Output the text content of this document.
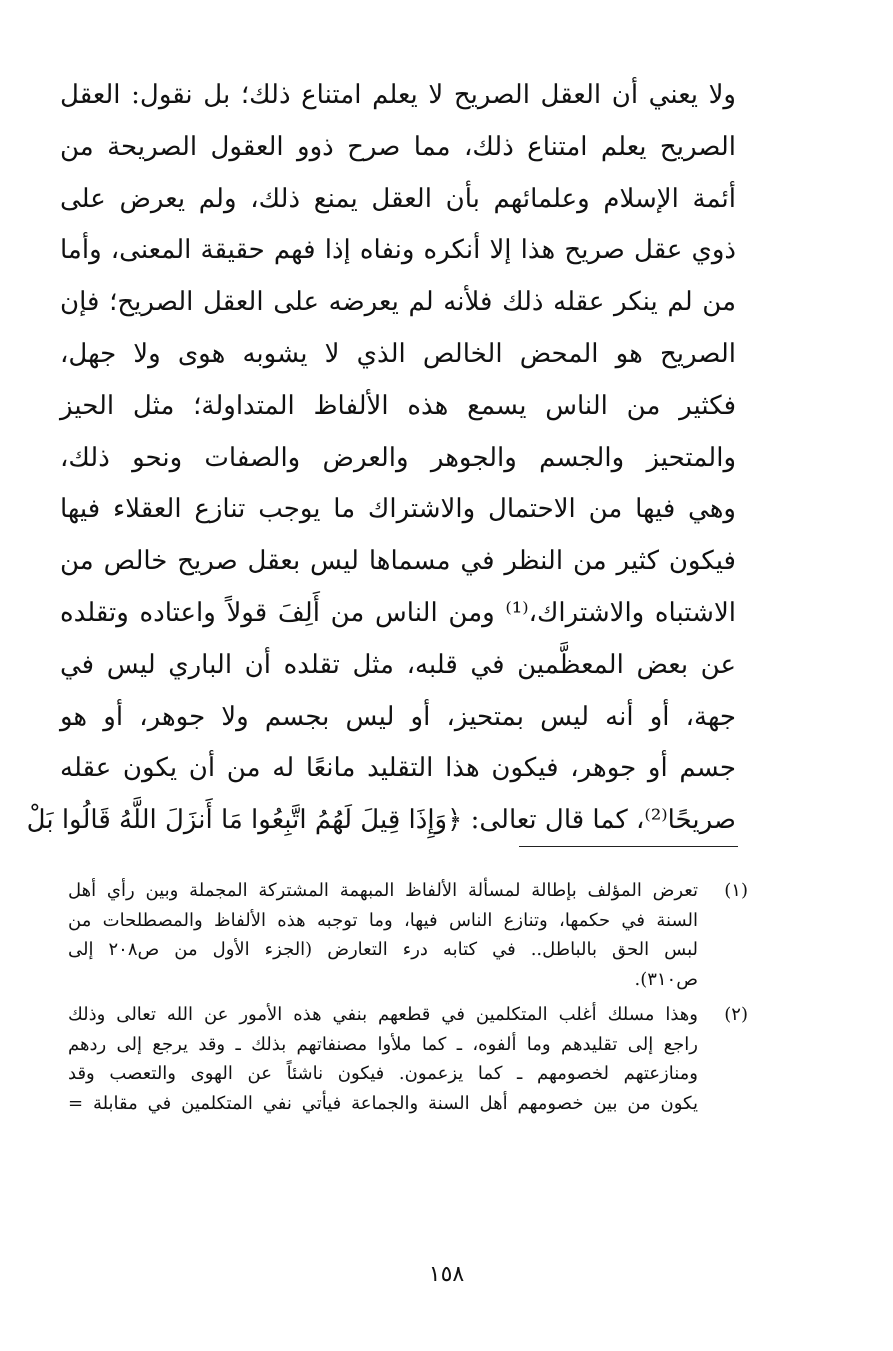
ولا يعني أن العقل الصريح لا يعلم امتناع ذلك؛ بل نقول: العقل
الصريح يعلم امتناع ذلك، مما صرح ذوو العقول الصريحة من
أئمة الإسلام وعلمائهم بأن العقل يمنع ذلك، ولم يعرض على
ذوي عقل صريح هذا إلا أنكره ونفاه إذا فهم حقيقة المعنى، وأما
من لم ينكر عقله ذلك فلأنه لم يعرضه على العقل الصريح؛ فإن
الصريح هو المحض الخالص الذي لا يشوبه هوى ولا جهل،
فكثير من الناس يسمع هذه الألفاظ المتداولة؛ مثل الحيز
والمتحيز والجسم والجوهر والعرض والصفات ونحو ذلك،
وهي فيها من الاحتمال والاشتراك ما يوجب تنازع العقلاء فيها
فيكون كثير من النظر في مسماها ليس بعقل صريح خالص من
الاشتباه والاشتراك،⁽¹⁾ ومن الناس من أَلِفَ قولاً واعتاده وتقلده
عن بعض المعظَّمين في قلبه، مثل تقلده أن الباري ليس في
جهة، أو أنه ليس بمتحيز، أو ليس بجسم ولا جوهر، أو هو
جسم أو جوهر، فيكون هذا التقليد مانعًا له من أن يكون عقله
صريحًا⁽²⁾، كما قال تعالى: ﴿وَإِذَا قِيلَ لَهُمُ اتَّبِعُوا مَا أَنزَلَ اللَّهُ قَالُوا بَلْ
(١)
تعرض المؤلف بإطالة لمسألة الألفاظ المبهمة المشتركة المجملة وبين رأي أهل
السنة في حكمها، وتنازع الناس فيها، وما توجبه هذه الألفاظ والمصطلحات من
لبس الحق بالباطل.. في كتابه درء التعارض (الجزء الأول من ص٢٠٨ إلى
ص٣١٠).
(٢)
وهذا مسلك أغلب المتكلمين في قطعهم بنفي هذه الأمور عن الله تعالى وذلك
راجع إلى تقليدهم وما ألفوه، ـ كما ملأوا مصنفاتهم بذلك ـ وقد يرجع إلى ردهم
ومنازعتهم لخصومهم ـ كما يزعمون. فيكون ناشئاً عن الهوى والتعصب وقد
يكون من بين خصومهم أهل السنة والجماعة فيأتي نفي المتكلمين في مقابلة =
١٥٨
